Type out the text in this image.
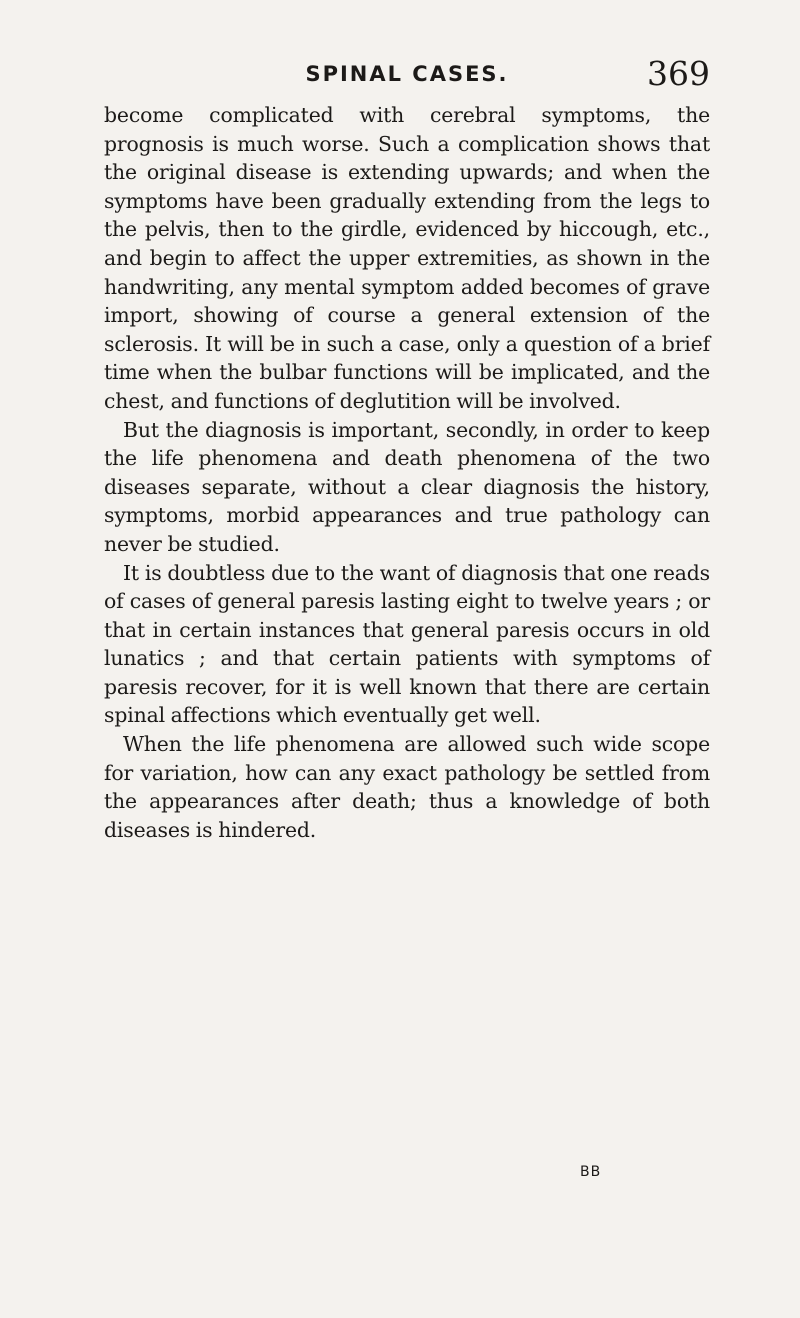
SPINAL CASES.	369

become complicated with cerebral symptoms, the prognosis is much worse. Such a complication shows that the original disease is extending upwards; and when the symptoms have been gradually extending from the legs to the pelvis, then to the girdle, evidenced by hiccough, etc., and begin to affect the upper extremities, as shown in the handwriting, any mental symptom added becomes of grave import, showing of course a general extension of the sclerosis. It will be in such a case, only a question of a brief time when the bulbar functions will be implicated, and the chest, and functions of deglutition will be involved.

But the diagnosis is important, secondly, in order to keep the life phenomena and death phenomena of the two diseases separate, without a clear diagnosis the history, symptoms, morbid appearances and true pathology can never be studied.

It is doubtless due to the want of diagnosis that one reads of cases of general paresis lasting eight to twelve years ; or that in certain instances that general paresis occurs in old lunatics ; and that certain patients with symptoms of paresis recover, for it is well known that there are certain spinal affections which eventually get well.

When the life phenomena are allowed such wide scope for variation, how can any exact pathology be settled from the appearances after death; thus a knowledge of both diseases is hindered.

BB
